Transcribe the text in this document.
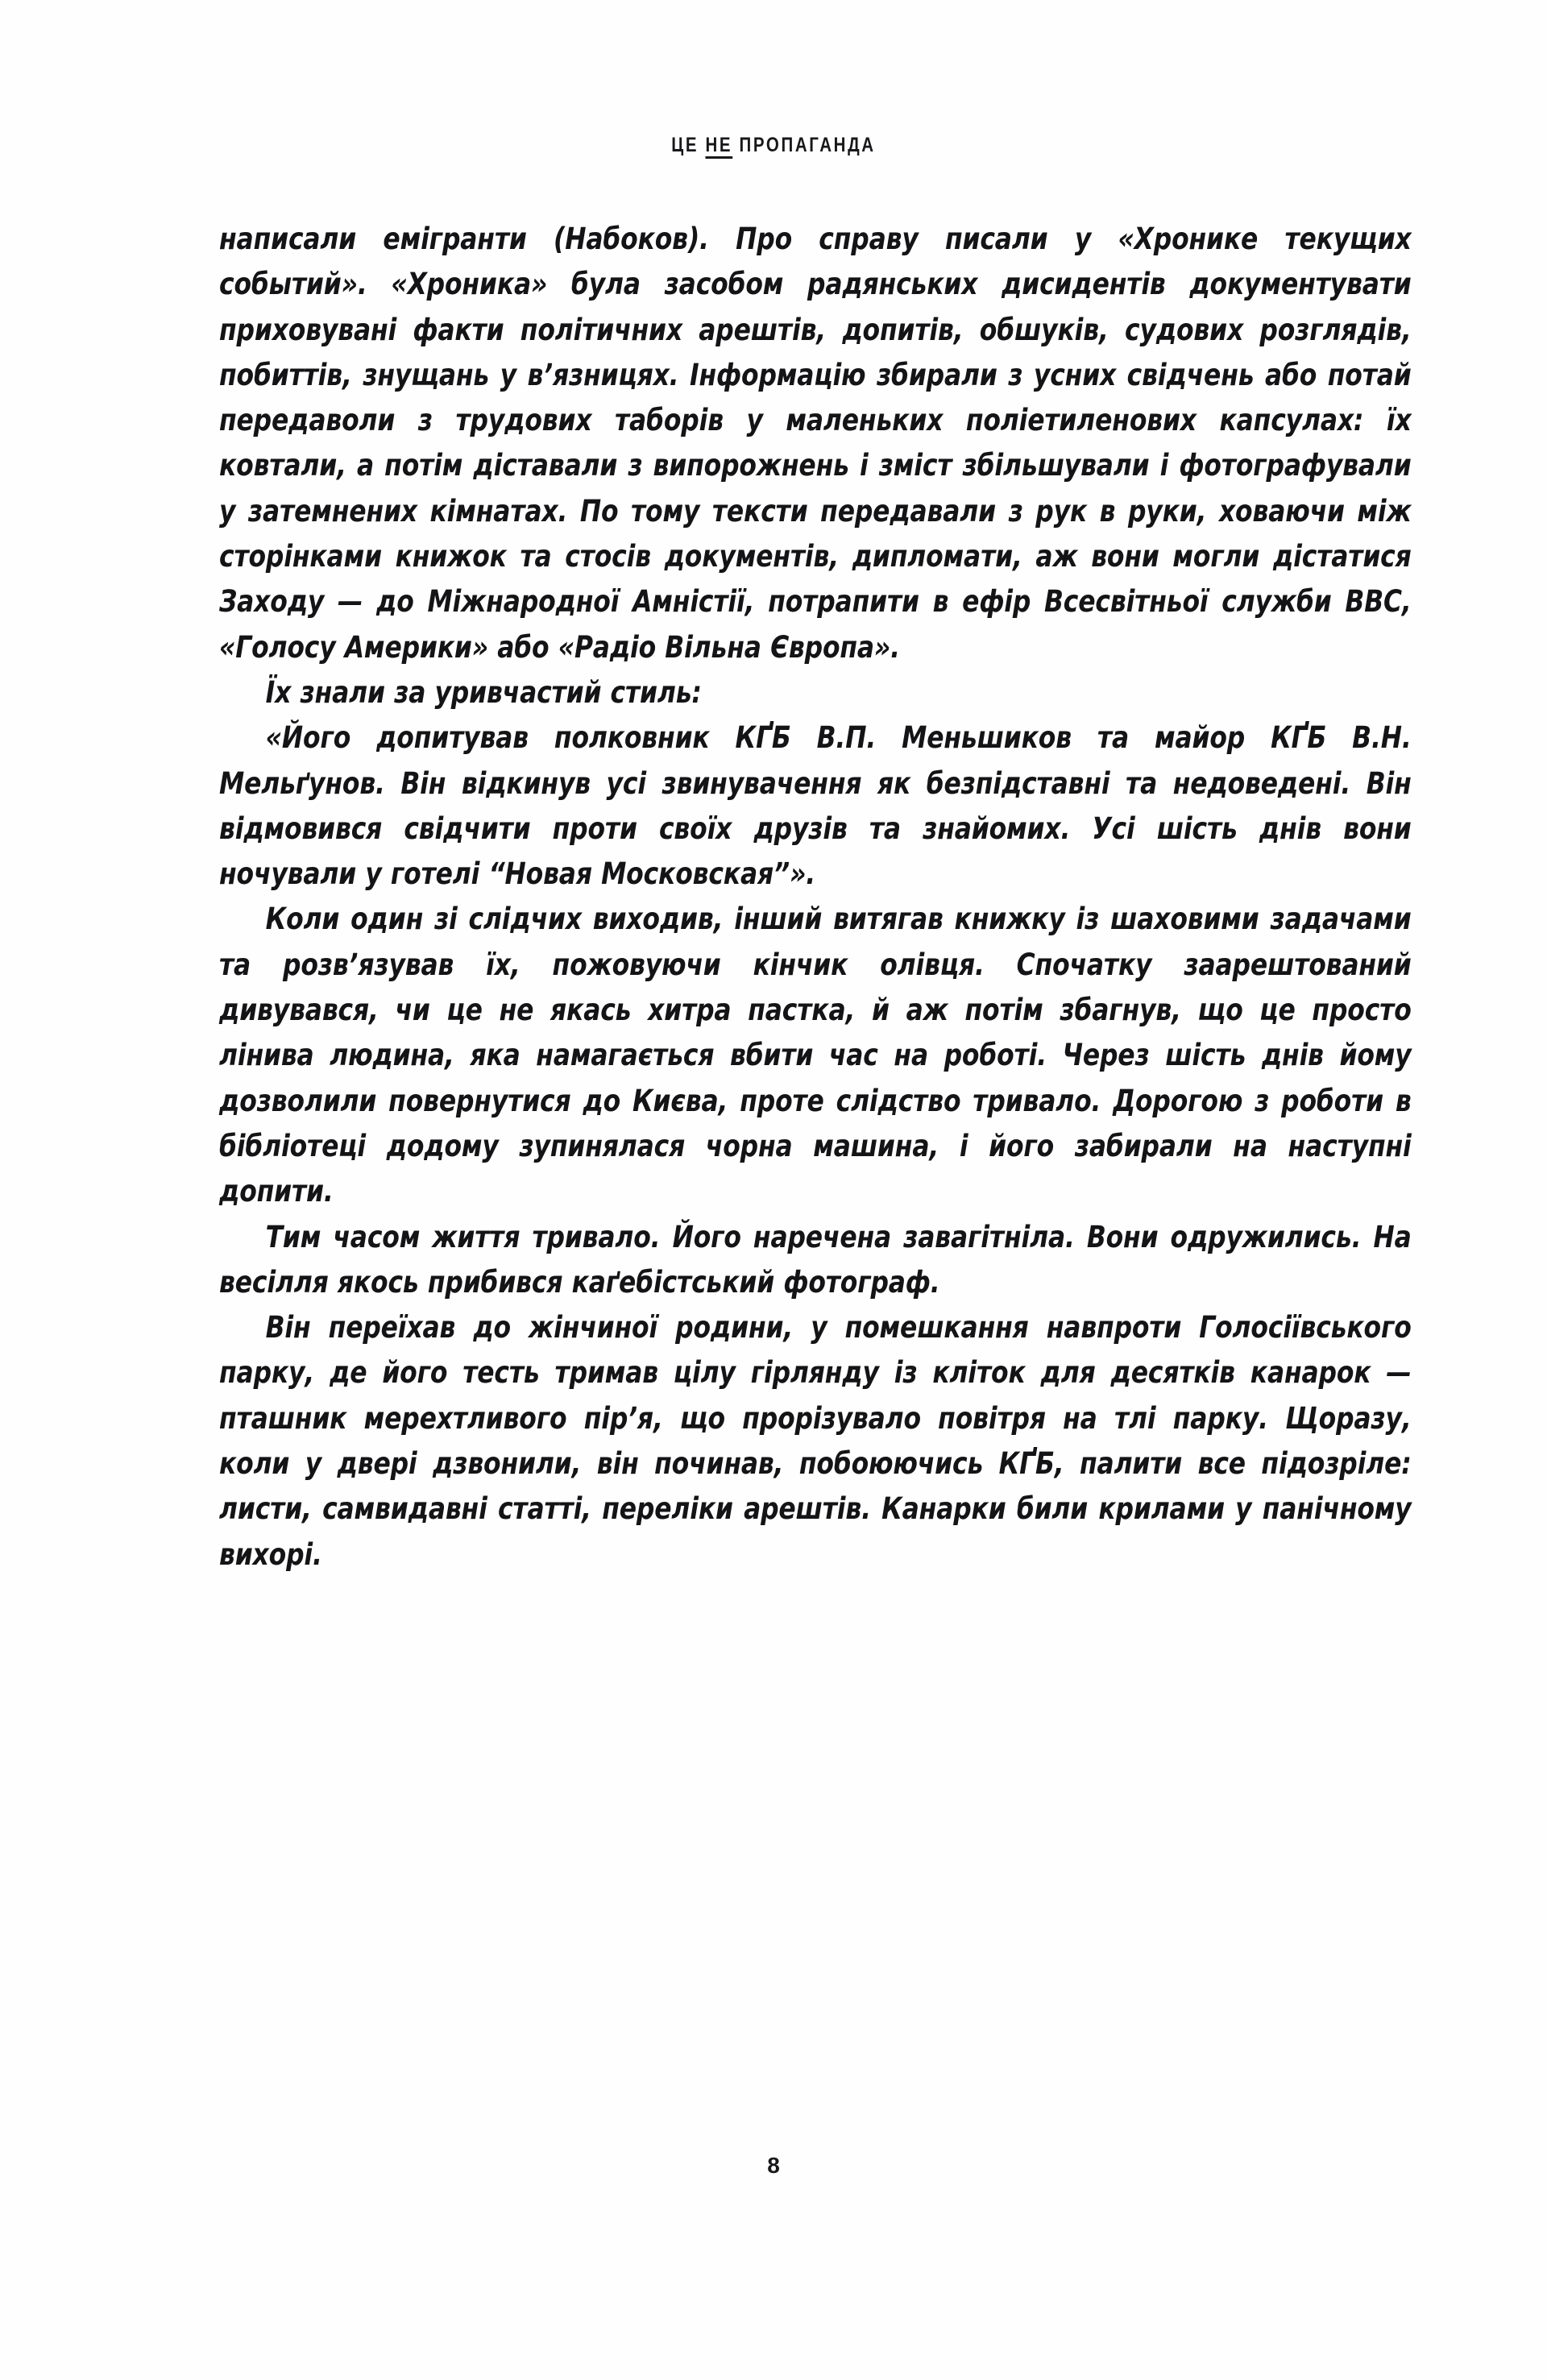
ЦЕ НЕ ПРОПАГАНДА

написали емігранти (Набоков). Про справу писали у «Хронике текущих событий». «Хроника» була засобом радянських дисидентів документувати приховувані факти політичних арештів, допитів, обшуків, судових розглядів, побиттів, знущань у в’язницях. Інформацію збирали з усних свідчень або потай передаволи з трудових таборів у маленьких поліетиленових капсулах: їх ковтали, а потім діставали з випорожнень і зміст збільшували і фотографували у затемнених кімнатах. По тому тексти передавали з рук в руки, ховаючи між сторінками книжок та стосів документів, дипломати, аж вони могли дістатися Заходу — до Міжнародної Амністії, потрапити в ефір Всесвітньої служби ВВС, «Голосу Америки» або «Радіо Вільна Європа».

Їх знали за уривчастий стиль:

«Його допитував полковник КҐБ В.П. Меньшиков та майор КҐБ В.Н. Мельґунов. Він відкинув усі звинувачення як безпідставні та недоведені. Він відмовився свідчити проти своїх друзів та знайомих. Усі шість днів вони ночували у готелі “Новая Московская”».

Коли один зі слідчих виходив, інший витягав книжку із шаховими задачами та розв’язував їх, пожовуючи кінчик олівця. Спочатку заарештований дивувався, чи це не якась хитра пастка, й аж потім збагнув, що це просто лінива людина, яка намагається вбити час на роботі. Через шість днів йому дозволили повернутися до Києва, проте слідство тривало. Дорогою з роботи в бібліотеці додому зупинялася чорна машина, і його забирали на наступні допити.

Тим часом життя тривало. Його наречена завагітніла. Вони одружились. На весілля якось прибився каґебістський фотограф.

Він переїхав до жінчиної родини, у помешкання навпроти Голосіївського парку, де його тесть тримав цілу гірлянду із кліток для десятків канарок — пташник мерехтливого пір’я, що прорізувало повітря на тлі парку. Щоразу, коли у двері дзвонили, він починав, побоюючись КҐБ, палити все підозріле: листи, самвидавні статті, переліки арештів. Канарки били крилами у панічному вихорі.

8
